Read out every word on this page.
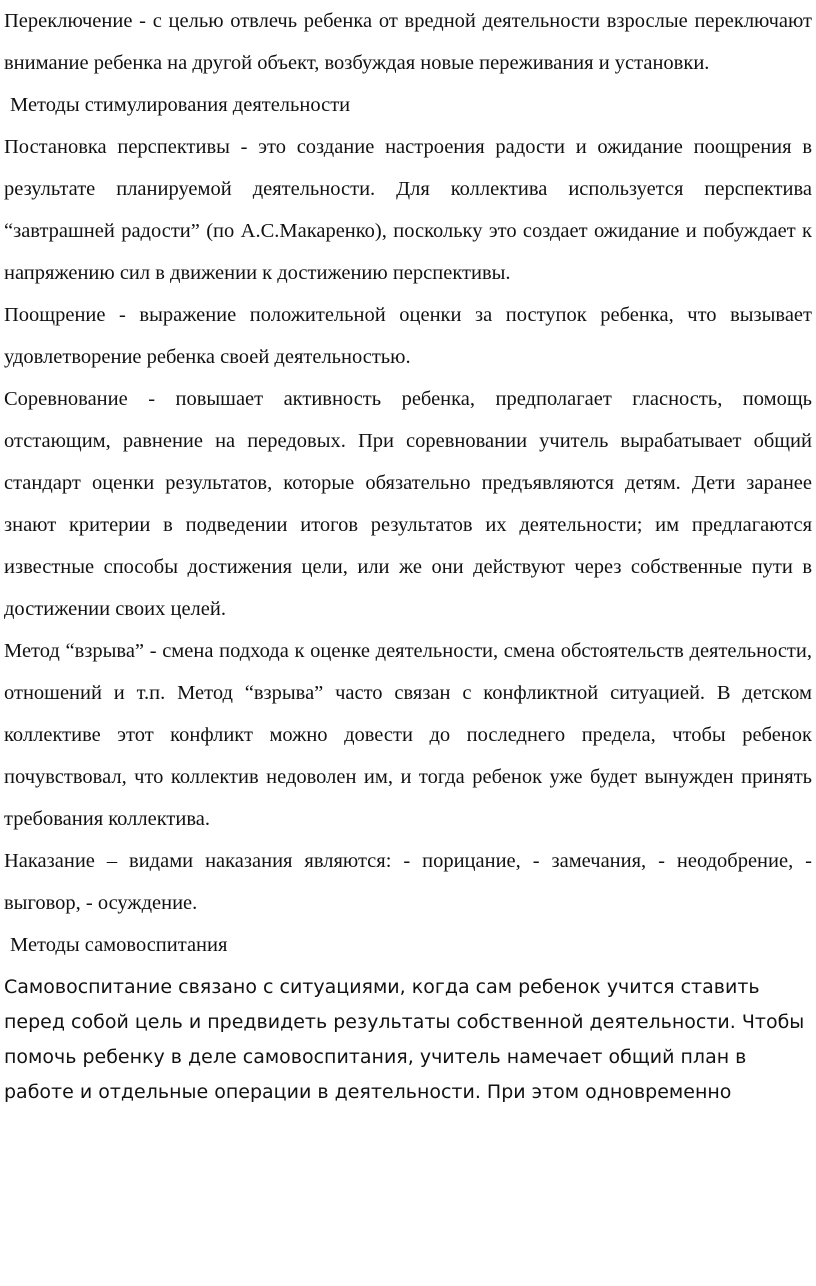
Переключение - с целью отвлечь ребенка от вредной деятельности взрослые переключают внимание ребенка на другой объект, возбуждая новые переживания и установки.

Методы стимулирования деятельности

Постановка перспективы - это создание настроения радости и ожидание поощрения в результате планируемой деятельности. Для коллектива используется перспектива “завтрашней радости” (по А.С.Макаренко), поскольку это создает ожидание и побуждает к напряжению сил в движении к достижению перспективы.

Поощрение - выражение положительной оценки за поступок ребенка, что вызывает удовлетворение ребенка своей деятельностью.

Соревнование - повышает активность ребенка, предполагает гласность, помощь отстающим, равнение на передовых. При соревновании учитель вырабатывает общий стандарт оценки результатов, которые обязательно предъявляются детям. Дети заранее знают критерии в подведении итогов результатов их деятельности; им предлагаются известные способы достижения цели, или же они действуют через собственные пути в достижении своих целей.

Метод “взрыва” - смена подхода к оценке деятельности, смена обстоятельств деятельности, отношений и т.п. Метод “взрыва” часто связан с конфликтной ситуацией. В детском коллективе этот конфликт можно довести до последнего предела, чтобы ребенок почувствовал, что коллектив недоволен им, и тогда ребенок уже будет вынужден принять требования коллектива.

Наказание – видами наказания являются: - порицание, - замечания, - неодобрение, - выговор, - осуждение.

Методы самовоспитания

Самовоспитание связано с ситуациями, когда сам ребенок учится ставить перед собой цель и предвидеть результаты собственной деятельности. Чтобы помочь ребенку в деле самовоспитания, учитель намечает общий план в работе и отдельные операции в деятельности. При этом одновременно
